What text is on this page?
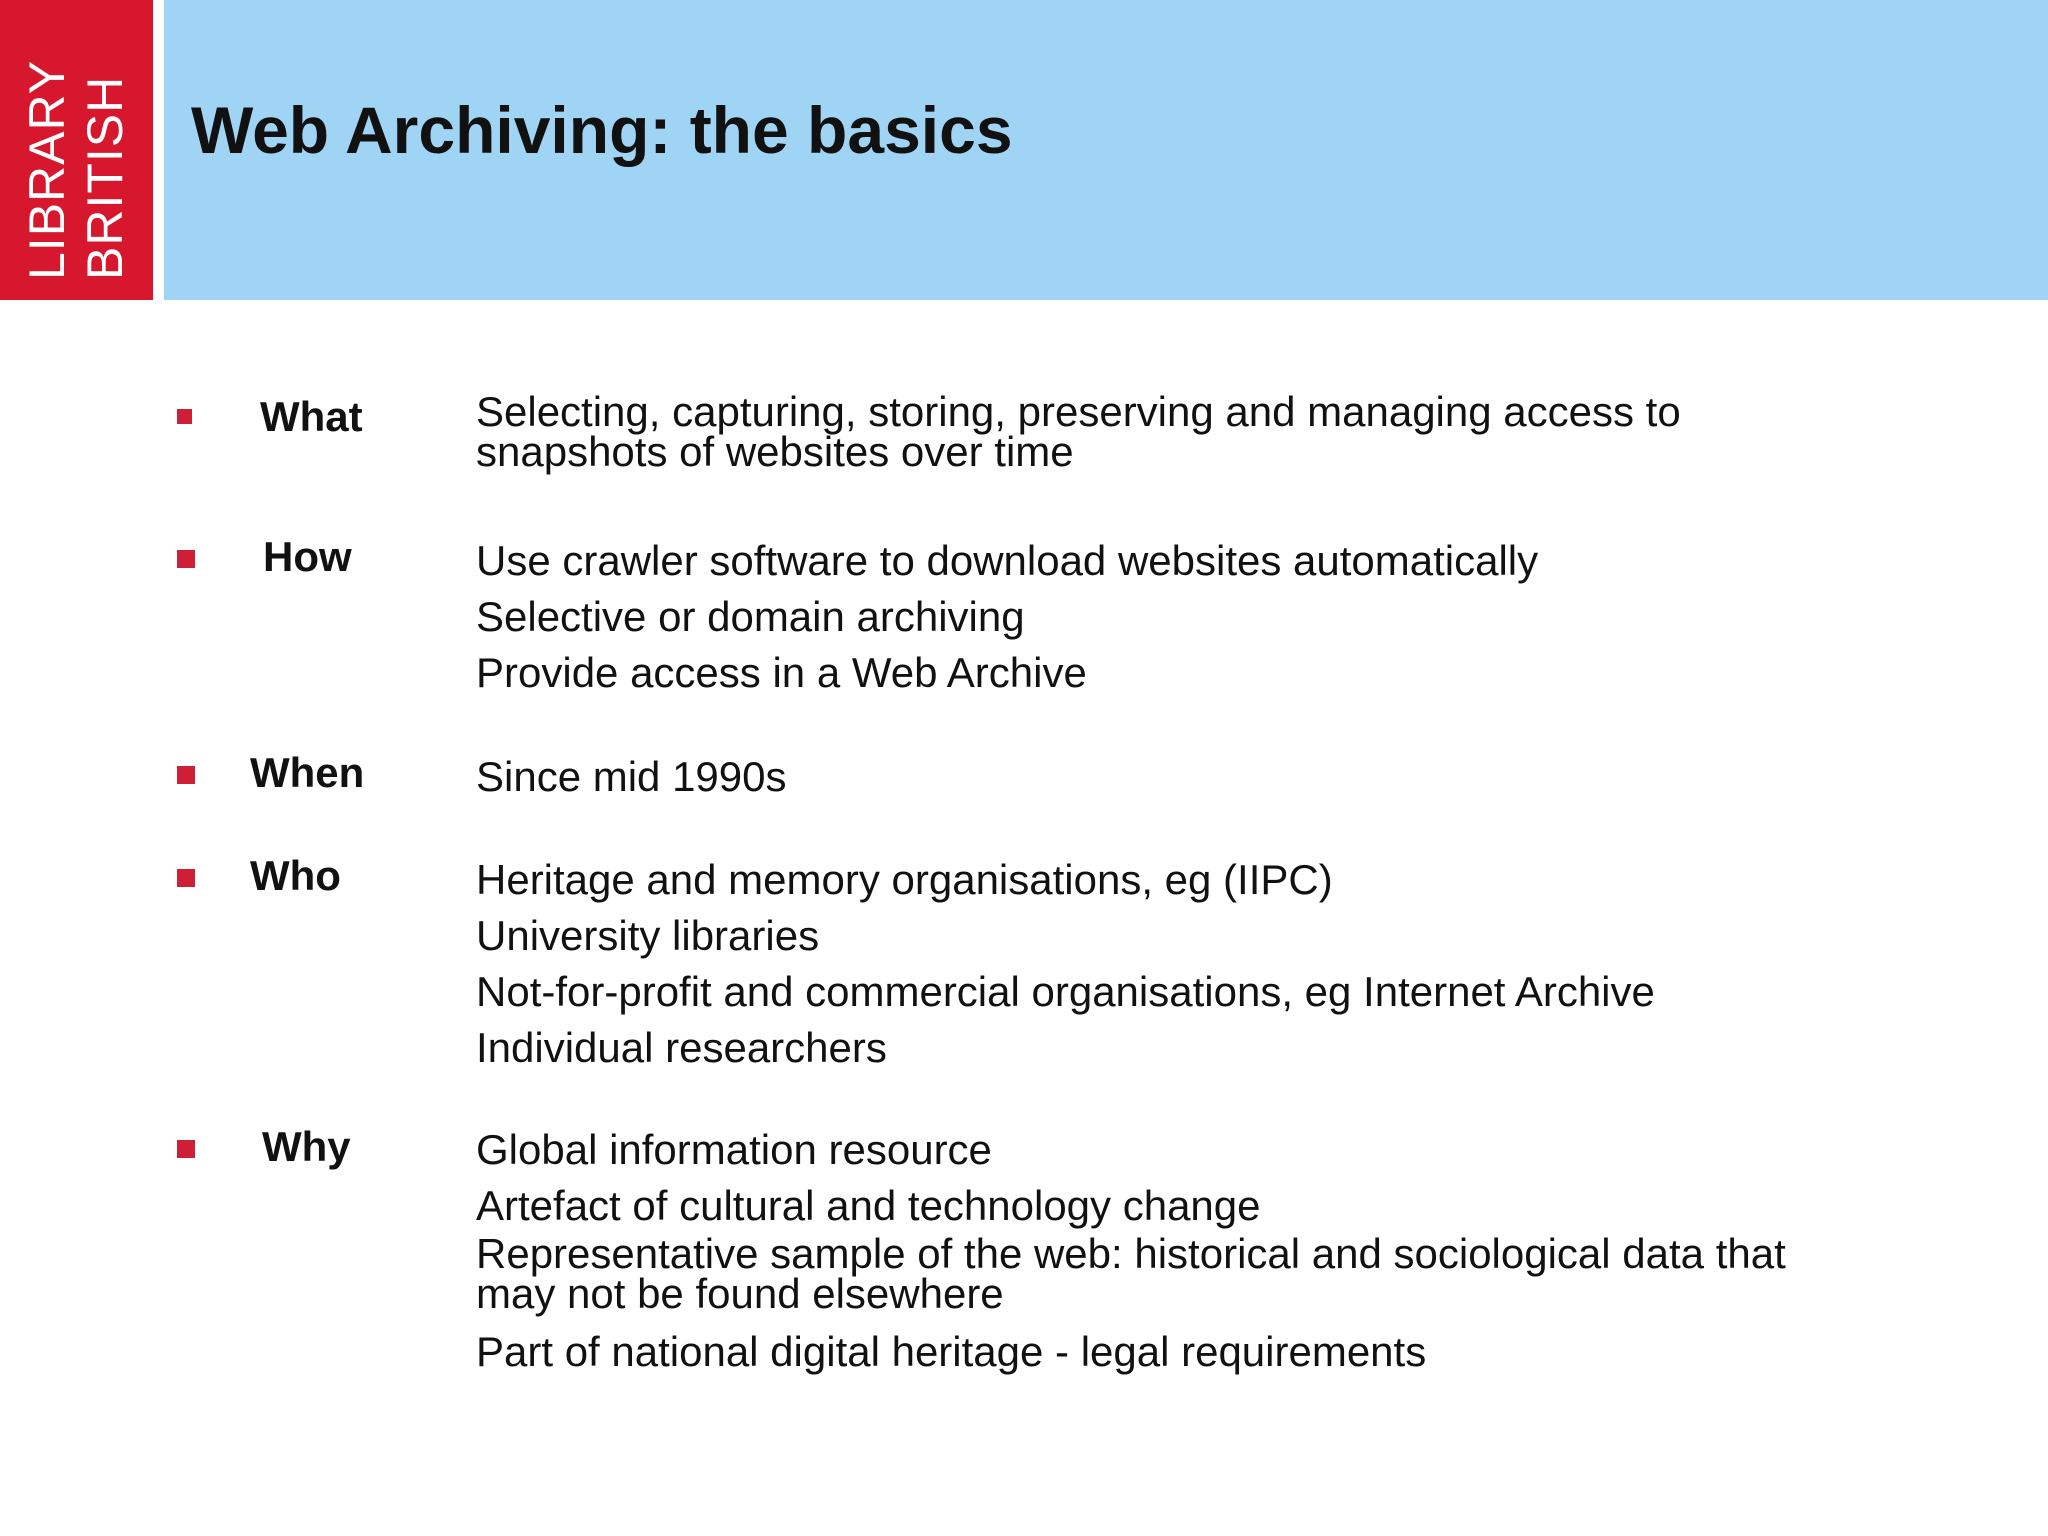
LIBRARY BRITISH Web Archiving: the basics
What	Selecting, capturing, storing, preserving and managing access to
snapshots of websites over time
How	Use crawler software to download websites automatically
Selective or domain archiving
Provide access in a Web Archive
When	Since mid 1990s
Who	Heritage and memory organisations, eg (IIPC)
University libraries
Not-for-profit and commercial organisations, eg Internet Archive
Individual researchers
Why	Global information resource
Artefact of cultural and technology change
Representative sample of the web: historical and sociological data that
may not be found elsewhere
Part of national digital heritage - legal requirements
